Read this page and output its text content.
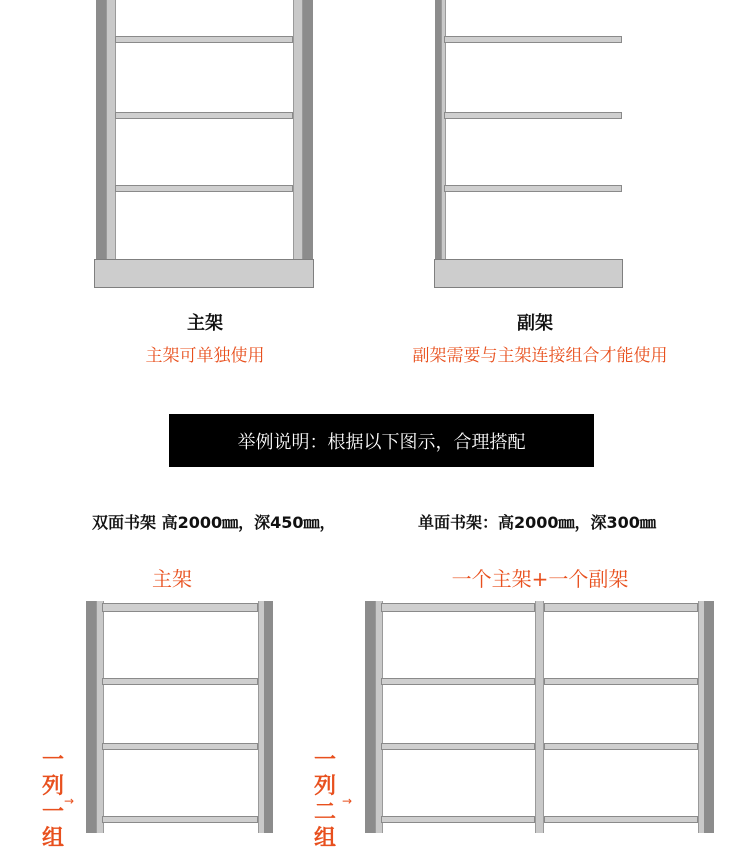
主架
主架可单独使用
副架
副架需要与主架连接组合才能使用
举例说明：根据以下图示，合理搭配
双面书架 高2000㎜，深450㎜，	单面书架：高2000㎜，深300㎜
主架	一个主架+一个副架
一
列
一
组
→
一
列
二
组
→
